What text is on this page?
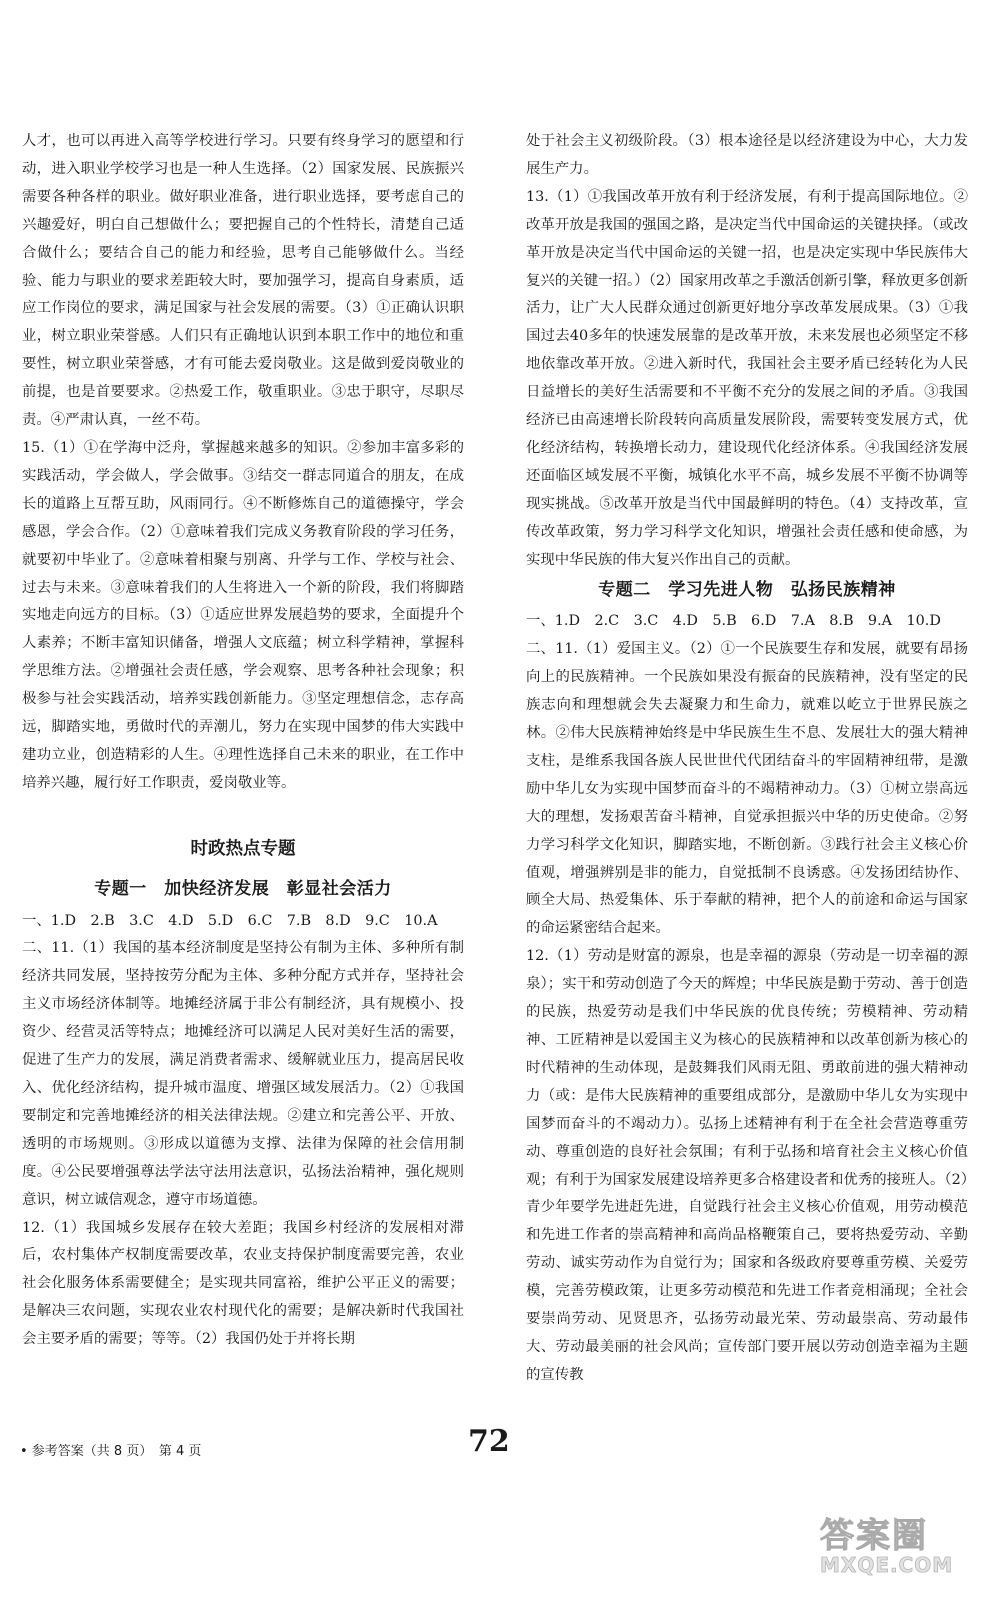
人才，也可以再进入高等学校进行学习。只要有终身学习的愿望和行动，进入职业学校学习也是一种人生选择。（2）国家发展、民族振兴需要各种各样的职业。做好职业准备，进行职业选择，要考虑自己的兴趣爱好，明白自己想做什么；要把握自己的个性特长，清楚自己适合做什么；要结合自己的能力和经验，思考自己能够做什么。当经验、能力与职业的要求差距较大时，要加强学习，提高自身素质，适应工作岗位的要求，满足国家与社会发展的需要。（3）①正确认识职业，树立职业荣誉感。人们只有正确地认识到本职工作中的地位和重要性，树立职业荣誉感，才有可能去爱岗敬业。这是做到爱岗敬业的前提，也是首要要求。②热爱工作，敬重职业。③忠于职守，尽职尽责。④严肃认真，一丝不苟。

15.（1）①在学海中泛舟，掌握越来越多的知识。②参加丰富多彩的实践活动，学会做人，学会做事。③结交一群志同道合的朋友，在成长的道路上互帮互助，风雨同行。④不断修炼自己的道德操守，学会感恩，学会合作。（2）①意味着我们完成义务教育阶段的学习任务，就要初中毕业了。②意味着相聚与别离、升学与工作、学校与社会、过去与未来。③意味着我们的人生将进入一个新的阶段，我们将脚踏实地走向远方的目标。（3）①适应世界发展趋势的要求，全面提升个人素养；不断丰富知识储备，增强人文底蕴；树立科学精神，掌握科学思维方法。②增强社会责任感，学会观察、思考各种社会现象；积极参与社会实践活动，培养实践创新能力。③坚定理想信念，志存高远，脚踏实地，勇做时代的弄潮儿，努力在实现中国梦的伟大实践中建功立业，创造精彩的人生。④理性选择自己未来的职业，在工作中培养兴趣，履行好工作职责，爱岗敬业等。

时政热点专题

专题一　加快经济发展　彰显社会活力

一、1.D　2.B　3.C　4.D　5.D　6.C　7.B　8.D　9.C　10.A

二、11.（1）我国的基本经济制度是坚持公有制为主体、多种所有制经济共同发展，坚持按劳分配为主体、多种分配方式并存，坚持社会主义市场经济体制等。地摊经济属于非公有制经济，具有规模小、投资少、经营灵活等特点；地摊经济可以满足人民对美好生活的需要，促进了生产力的发展，满足消费者需求、缓解就业压力，提高居民收入、优化经济结构，提升城市温度、增强区域发展活力。（2）①我国要制定和完善地摊经济的相关法律法规。②建立和完善公平、开放、透明的市场规则。③形成以道德为支撑、法律为保障的社会信用制度。④公民要增强尊法学法守法用法意识，弘扬法治精神，强化规则意识，树立诚信观念，遵守市场道德。

12.（1）我国城乡发展存在较大差距；我国乡村经济的发展相对滞后，农村集体产权制度需要改革，农业支持保护制度需要完善，农业社会化服务体系需要健全；是实现共同富裕，维护公平正义的需要；是解决三农问题，实现农业农村现代化的需要；是解决新时代我国社会主要矛盾的需要；等等。（2）我国仍处于并将长期

处于社会主义初级阶段。（3）根本途径是以经济建设为中心，大力发展生产力。

13.（1）①我国改革开放有利于经济发展，有利于提高国际地位。②改革开放是我国的强国之路，是决定当代中国命运的关键抉择。（或改革开放是决定当代中国命运的关键一招，也是决定实现中华民族伟大复兴的关键一招。）（2）国家用改革之手激活创新引擎，释放更多创新活力，让广大人民群众通过创新更好地分享改革发展成果。（3）①我国过去40多年的快速发展靠的是改革开放，未来发展也必须坚定不移地依靠改革开放。②进入新时代，我国社会主要矛盾已经转化为人民日益增长的美好生活需要和不平衡不充分的发展之间的矛盾。③我国经济已由高速增长阶段转向高质量发展阶段，需要转变发展方式，优化经济结构，转换增长动力，建设现代化经济体系。④我国经济发展还面临区域发展不平衡，城镇化水平不高，城乡发展不平衡不协调等现实挑战。⑤改革开放是当代中国最鲜明的特色。（4）支持改革，宣传改革政策，努力学习科学文化知识，增强社会责任感和使命感，为实现中华民族的伟大复兴作出自己的贡献。

专题二　学习先进人物　弘扬民族精神

一、1.D　2.C　3.C　4.D　5.B　6.D　7.A　8.B　9.A　10.D

二、11.（1）爱国主义。（2）①一个民族要生存和发展，就要有昂扬向上的民族精神。一个民族如果没有振奋的民族精神，没有坚定的民族志向和理想就会失去凝聚力和生命力，就难以屹立于世界民族之林。②伟大民族精神始终是中华民族生生不息、发展壮大的强大精神支柱，是维系我国各族人民世世代代团结奋斗的牢固精神纽带，是激励中华儿女为实现中国梦而奋斗的不竭精神动力。（3）①树立崇高远大的理想，发扬艰苦奋斗精神，自觉承担振兴中华的历史使命。②努力学习科学文化知识，脚踏实地，不断创新。③践行社会主义核心价值观，增强辨别是非的能力，自觉抵制不良诱惑。④发扬团结协作、顾全大局、热爱集体、乐于奉献的精神，把个人的前途和命运与国家的命运紧密结合起来。

12.（1）劳动是财富的源泉，也是幸福的源泉（劳动是一切幸福的源泉）；实干和劳动创造了今天的辉煌；中华民族是勤于劳动、善于创造的民族，热爱劳动是我们中华民族的优良传统；劳模精神、劳动精神、工匠精神是以爱国主义为核心的民族精神和以改革创新为核心的时代精神的生动体现，是鼓舞我们风雨无阻、勇敢前进的强大精神动力（或：是伟大民族精神的重要组成部分，是激励中华儿女为实现中国梦而奋斗的不竭动力）。弘扬上述精神有利于在全社会营造尊重劳动、尊重创造的良好社会氛围；有利于弘扬和培育社会主义核心价值观；有利于为国家发展建设培养更多合格建设者和优秀的接班人。（2）青少年要学先进赶先进，自觉践行社会主义核心价值观，用劳动模范和先进工作者的崇高精神和高尚品格鞭策自己，要将热爱劳动、辛勤劳动、诚实劳动作为自觉行为；国家和各级政府要尊重劳模、关爱劳模，完善劳模政策，让更多劳动模范和先进工作者竞相涌现；全社会要崇尚劳动、见贤思齐，弘扬劳动最光荣、劳动最崇高、劳动最伟大、劳动最美丽的社会风尚；宣传部门要开展以劳动创造幸福为主题的宣传教

• 参考答案（共 8 页）　第 4 页	72
答案圈
MXQE.COM
